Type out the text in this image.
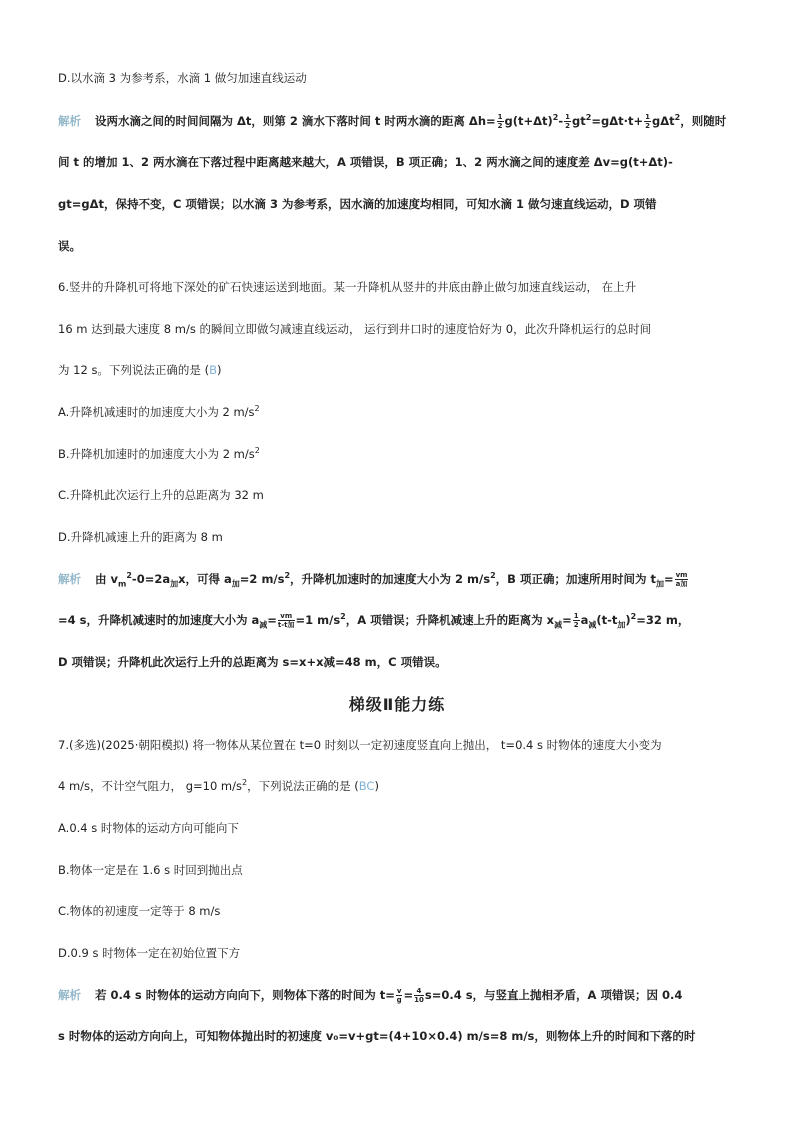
D.以水滴 3 为参考系，水滴 1 做匀加速直线运动
解析 设两水滴之间的时间间隔为 Δt，则第 2 滴水下落时间 t 时两水滴的距离 $\Delta h= \frac{1}{2} g(t+\Delta t)^2- \frac{1}{2} gt^2=g\Delta t\cdot t+ \frac{1}{2} g\Delta t^2$，则随时
间 t 的增加 1、2 两水滴在下落过程中距离越来越大，A 项错误，B 项正确；1、2 两水滴之间的速度差 Δv=g(t+Δt)-
gt=gΔt，保持不变，C 项错误；以水滴 3 为参考系，因水滴的加速度均相同，可知水滴 1 做匀速直线运动，D 项错
误。
6.竖井的升降机可将地下深处的矿石快速运送到地面。某一升降机从竖井的井底由静止做匀加速直线运动， 在上升
16 m 达到最大速度 8 m/s 的瞬间立即做匀减速直线运动， 运行到井口时的速度恰好为 0，此次升降机运行的总时间
为 12 s。下列说法正确的是 (B)
A.升降机减速时的加速度大小为 2 $m/s^2$
B.升降机加速时的加速度大小为 2 $m/s^2$
C.升降机此次运行上升的总距离为 32 m
D.升降机减速上升的距离为 8 m
解析 由 $v_m^2-0=2a_加x$，可得 $a_加=2$ $m/s^2$，升降机加速时的加速度大小为 2 $m/s^2$，B 项正确；加速所用时间为 $t_加= \frac{vm}{\text{a加}}$
=4 s，升降机减速时的加速度大小为 $a_减= \frac{vm}{\text{t-t加}} =1$ $m/s^2$，A 项错误；升降机减速上升的距离为 $x_减= \frac{1}{2} a_减(t-t_加)^2=32$ m，
D 项错误；升降机此次运行上升的总距离为 s=x+x减=48 m，C 项错误。
梯级Ⅱ能力练
7.(多选)(2025·朝阳模拟) 将一物体从某位置在 t=0 时刻以一定初速度竖直向上抛出， t=0.4 s 时物体的速度大小变为
4 m/s，不计空气阻力， g=10 $m/s^2$，下列说法正确的是 (BC)
A.0.4 s 时物体的运动方向可能向下
B.物体一定是在 1.6 s 时回到抛出点
C.物体的初速度一定等于 8 m/s
D.0.9 s 时物体一定在初始位置下方
解析 若 0.4 s 时物体的运动方向向下，则物体下落的时间为 $t= \frac{v}{g} = \frac{4}{10} s=0.4$ s，与竖直上抛相矛盾，A 项错误；因 0.4
s 时物体的运动方向向上，可知物体抛出时的初速度 v₀=v+gt=(4+10×0.4) m/s=8 m/s，则物体上升的时间和下落的时
